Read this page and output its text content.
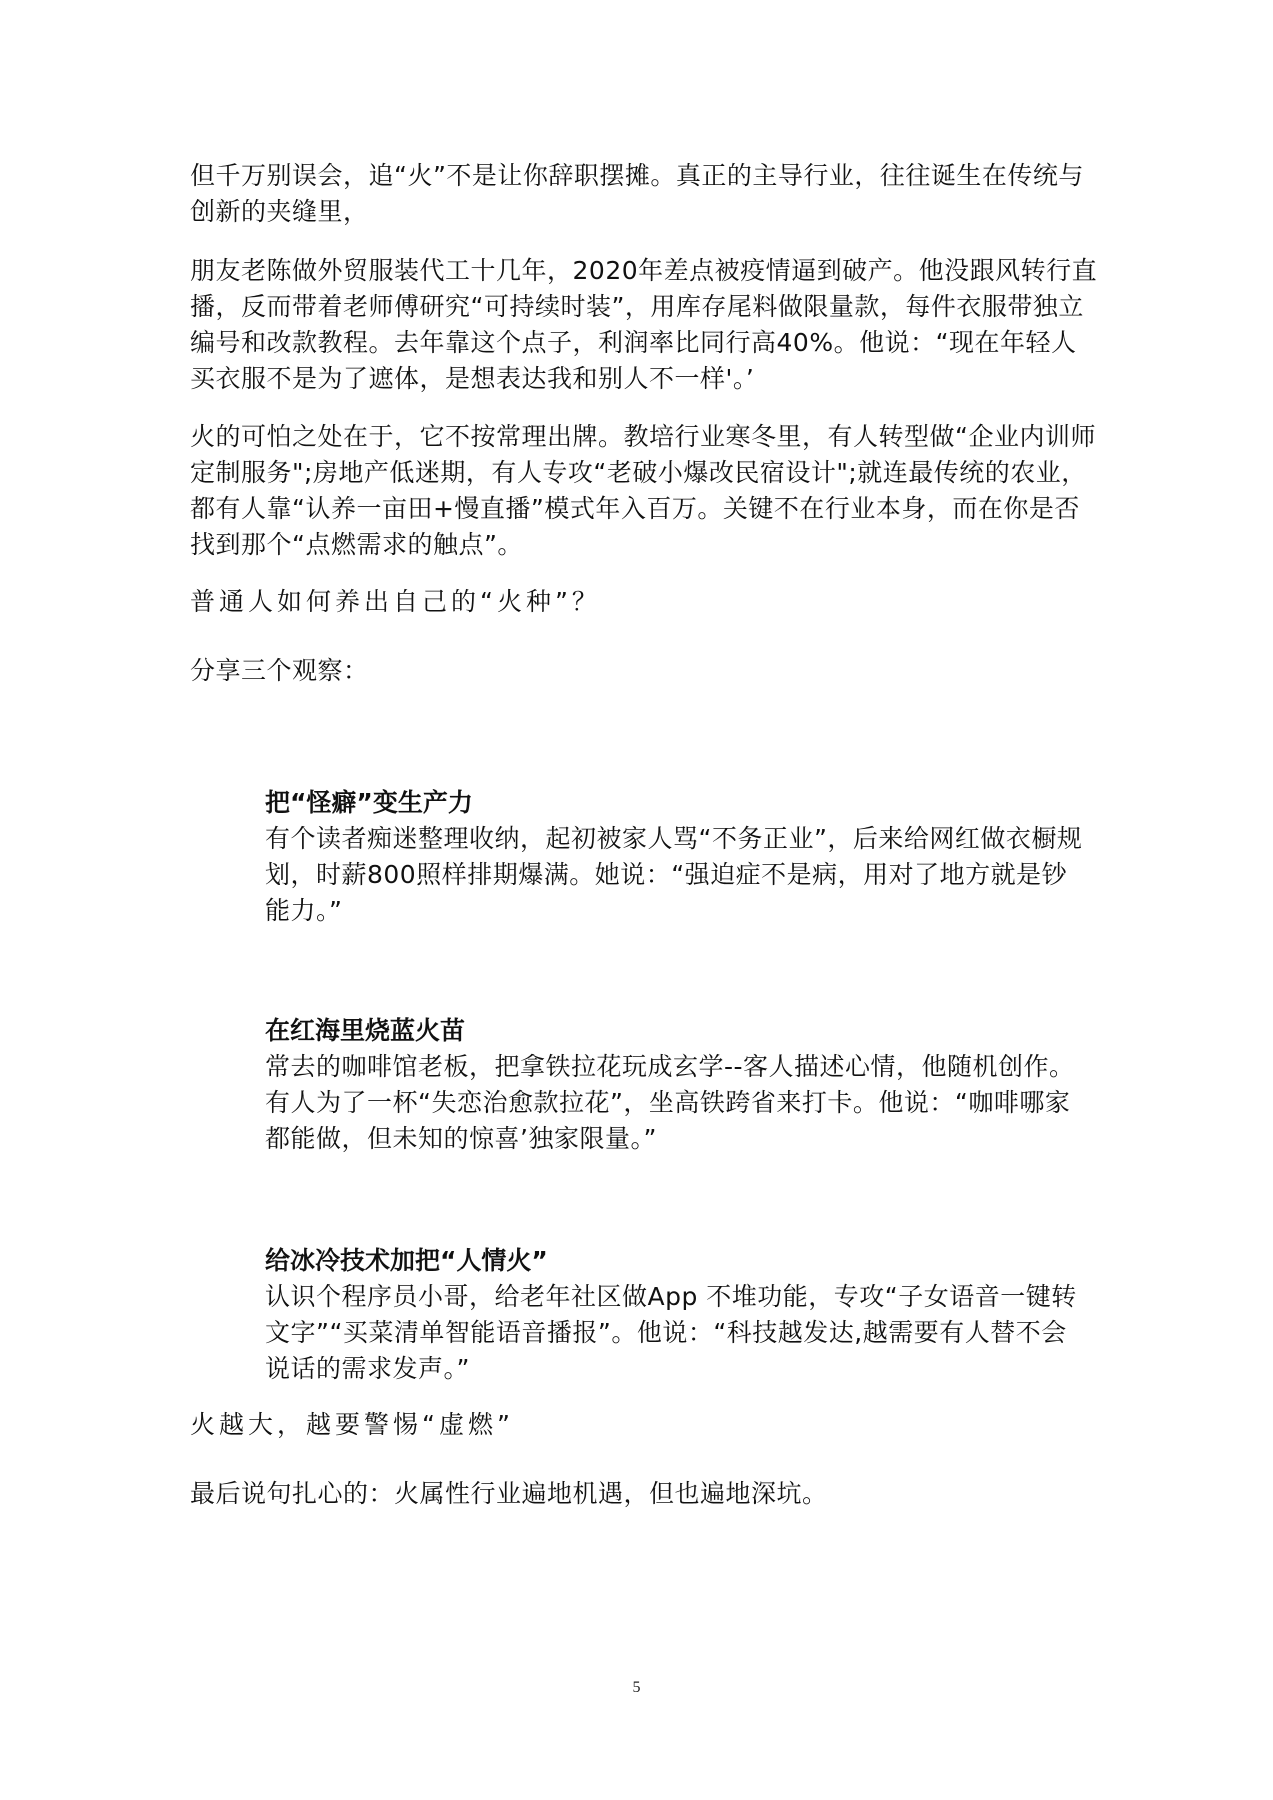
但千万别误会，追“火”不是让你辞职摆摊。真正的主导行业，往往诞生在传统与创新的夹缝里，

朋友老陈做外贸服装代工十几年，2020年差点被疫情逼到破产。他没跟风转行直播，反而带着老师傅研究“可持续时装”，用库存尾料做限量款，每件衣服带独立编号和改款教程。去年靠这个点子，利润率比同行高40%。他说：“现在年轻人买衣服不是为了遮体，是想表达我和别人不一样'。’

火的可怕之处在于，它不按常理出牌。教培行业寒冬里，有人转型做“企业内训师定制服务";房地产低迷期，有人专攻“老破小爆改民宿设计";就连最传统的农业，都有人靠“认养一亩田+慢直播”模式年入百万。关键不在行业本身，而在你是否找到那个“点燃需求的触点”。

普通人如何养出自己的“火种”？

分享三个观察：

把“怪癖”变生产力

有个读者痴迷整理收纳，起初被家人骂“不务正业”，后来给网红做衣橱规划，时薪800照样排期爆满。她说：“强迫症不是病，用对了地方就是钞能力。”

在红海里烧蓝火苗

常去的咖啡馆老板，把拿铁拉花玩成玄学--客人描述心情，他随机创作。有人为了一杯“失恋治愈款拉花”，坐高铁跨省来打卡。他说：“咖啡哪家都能做，但未知的惊喜’独家限量。”

给冰冷技术加把“人情火”

认识个程序员小哥，给老年社区做App 不堆功能，专攻“子女语音一键转文字”“买菜清单智能语音播报”。他说：“科技越发达,越需要有人替不会说话的需求发声。”

火越大，越要警惕“虚燃”

最后说句扎心的：火属性行业遍地机遇，但也遍地深坑。

5
